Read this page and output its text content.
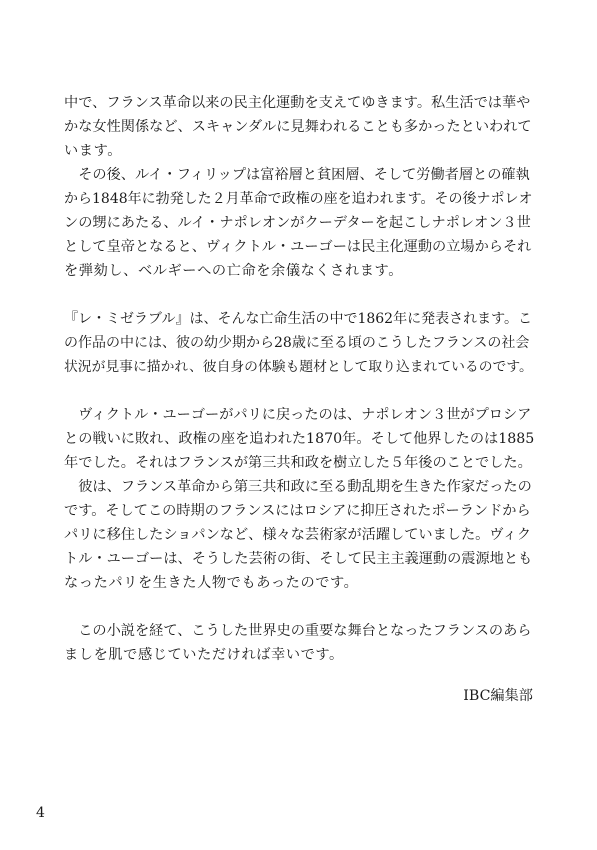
中で、フランス革命以来の民主化運動を支えてゆきます。私生活では華や
かな女性関係など、スキャンダルに見舞われることも多かったといわれて
います。
　その後、ルイ・フィリップは富裕層と貧困層、そして労働者層との確執
から1848年に勃発した２月革命で政権の座を追われます。その後ナポレオ
ンの甥にあたる、ルイ・ナポレオンがクーデターを起こしナポレオン３世
として皇帝となると、ヴィクトル・ユーゴーは民主化運動の立場からそれ
を弾劾し、ベルギーへの亡命を余儀なくされます。
『レ・ミゼラブル』は、そんな亡命生活の中で1862年に発表されます。こ
の作品の中には、彼の幼少期から28歳に至る頃のこうしたフランスの社会
状況が見事に描かれ、彼自身の体験も題材として取り込まれているのです。
　ヴィクトル・ユーゴーがパリに戻ったのは、ナポレオン３世がプロシア
との戦いに敗れ、政権の座を追われた1870年。そして他界したのは1885
年でした。それはフランスが第三共和政を樹立した５年後のことでした。
　彼は、フランス革命から第三共和政に至る動乱期を生きた作家だったの
です。そしてこの時期のフランスにはロシアに抑圧されたポーランドから
パリに移住したショパンなど、様々な芸術家が活躍していました。ヴィク
トル・ユーゴーは、そうした芸術の街、そして民主主義運動の震源地とも
なったパリを生きた人物でもあったのです。
　この小説を経て、こうした世界史の重要な舞台となったフランスのあら
ましを肌で感じていただければ幸いです。
IBC編集部
4
